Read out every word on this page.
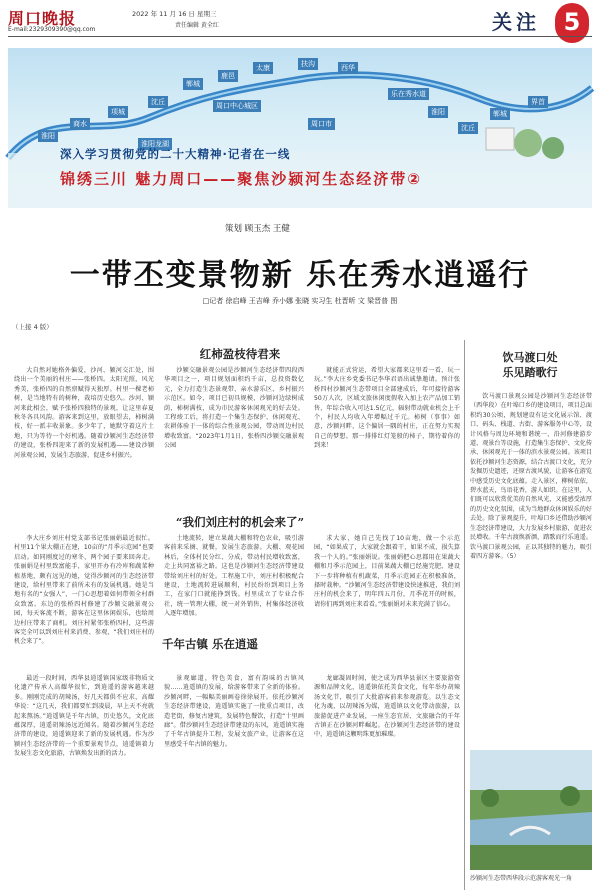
周口晚报
E-mail:2329309390@qq.com
2022 年 11 月 16 日 星期三
责任编辑 黄全红	关注 5
淮阳
商水
项城
沈丘
郸城
鹿邑
太康	扶沟	西华
周口中心城区
乐在秀水道
淮阳
沈丘
郸城
界首
淮阳龙湖
周口市
深入学习贯彻党的二十大精神·记者在一线
锦绣三川 魅力周口——聚焦沙颍河生态经济带②
策划 顾玉杰 王健
一带丕变景物新 乐在秀水逍遥行
□记者 徐启峰 王吉峰 乔小娜 张晓 实习生 杜晋昕 文 梁晋普 图
（上接 4 版）
红柿盈枝待君来

大自然对她格外偏爱，沙河、颍河交汇处，围绕出一个美丽的村庄——张桥四。太阳光照，风光秀美，张桥四的自然禀赋得天独厚。村里一棵老柿树，是当地特有的树种，栽培历史悠久。沙河、颍河来此相会，赋予张桥四独特的景观，让这里春夏秋冬各具风韵。游客来到这里，放眼望去，柿树满枝，好一派丰收景象。多少年了，她默守着这片土地，只为等待一个好机遇。随着沙颍河生态经济带的建设，张桥四迎来了新的发展机遇——建设沙颍河景观公园，发展生态旅游，促进乡村振兴。

沙颍交融景观公园是沙颍河生态经济带四段西华项目之一，项目规划面积约千亩，总投资数亿元，全力打造生态景观带、亲水游乐区、乡村振兴示范区。如今，项目已初具规模，沙颍河边绿树成荫，柿树满枝，成为市民游客休闲观光的好去处。工程竣工后，将打造一个集生态保护、休闲观光、农耕体验于一体的综合性景观公园，带动周边村民增收致富。“2023年1月1日，张桥四沙颍交融景观公园

就能正式营运，希望大家都来这里看一看、玩一玩。”李大庄乡党委书记李华君语出诚挚邀请。预计张桥四村沙颍河生态带项目全部建成后，年可接待游客50万人次，区域文旅休闲度假收入加上农产品加工销售，年综合收入可达1.5亿元，辐射带动就业机会上千个，村民人均收入年增幅过千元。柿树（事事）如意，沙颍河畔，这个偏居一隅的村庄，正在努力实现自己的梦想。那一排排红灯笼般的柿子，期待着你的到来！

“我们刘庄村的机会来了”

李大庄乡刘庄村党支部书记张丽娟最近很忙。村里11个果大棚正在建，10亩的“月季示范园”也要启动。如同刚度过的寒冬，两个园子要来回奔走。张丽娟是村里致富能手，家里开办有冷库和蔬菜种植基地，颇有远见的她，觉得沙颍河的生态经济带建设，给村里带来了前所未有的发展机遇。她是当地有名的“女强人”，一门心思想着如何带领全村群众致富。东边的张桥四村修建了沙颍交融景观公园，每天客流不断，游客在这里休闲娱乐，也给周边村庄带来了商机。刘庄村紧邻张桥四村，这些游客完全可以到刘庄村来消费、参观，“我们刘庄村的机会来了”。

土地流转，建立果蔬大棚和特色农业，吸引游客前来采摘、就餐，发展生态旅游。大棚、观花园林后，全体村民分红、分成，带动村民增收致富，走上共同富裕之路。这也是沙颍河生态经济带建设带给刘庄村的好处。工程施工中，刘庄村积极配合建设，土地流转进展顺利，村民纷纷到项目上务工，在家门口就能挣到钱。村里成立了专业合作社，统一管理大棚，统一对外销售，村集体经济收入逐年增加。

求大家，她自己先找了10亩地，做一个示范园，“如果成了，大家就会跟着干，如果不成，损失算我一个人的。”张丽娟说。张丽娟把心思都用在果蔬大棚和月季示范园上，目前果蔬大棚已经施完肥、建设下一步将种植有机蔬菜，月季示范园正在积极准备，择时栽种。“沙颍河生态经济带建设快速推进，我们刘庄村的机会来了，明年四五月份，月季花开的时候，请你们再到刘庄来看看。”张丽娟对未来充满了信心。

千年古镇 乐在逍遥

最近一段时间，西华县逍遥镇国家级非物质文化遗产传承人高耀华很忙，到逍遥的游客越来越多。刚刚完成的胡辣汤，好几天都供不应求，高耀华说：“这几天，我们都要忙到凌晨，早上天不亮就起来熬汤。”逍遥镇是千年古镇，历史悠久，文化底蕴深厚，逍遥胡辣汤远近闻名。随着沙颍河生态经济带的建设，逍遥镇迎来了新的发展机遇。作为沙颍河生态经济带的一个重要景观节点，逍遥镇着力发展生态文化旅游，古镇焕发出新的活力。

景观廊道，特色美食，富有韵味的古镇风貌……逍遥镇的发展，给游客带来了全新的体验。沙颍河畔，一幅幅美丽画卷徐徐展开。依托沙颍河生态经济带建设，逍遥镇实施了一批重点项目，改造老街，修复古建筑，发展特色餐饮，打造“十里画廊”。借沙颍河生态经济带建设的东风，逍遥镇实施了千年古镇提升工程，发展文旅产业，让游客在这里感受千年古镇的魅力。

龙廊凝固时间，使之成为西华县景区主要旅游资源和品牌文化，逍遥镇依托美食文化，每年举办胡辣汤文化节，吸引了大批游客前来参观游览。以生态文化为魂，以胡辣汤为媒，逍遥镇以文化带动旅游，以旅游促进产业发展，一座生态宜居、文旅融合的千年古镇正在沙颍河畔崛起。在沙颍河生态经济带的建设中，逍遥镇这颗明珠更加璀璨。

饮马渡口处
乐见踏歌行

饮马渡口景观公园是沙颍河生态经济带（西华段）在叶埠口乡的建设项目，项目总面积约30公顷，规划建设有运文化展示馆、渡口、码头、栈道、古街、游客服务中心等，设计风格与周边环境和谐统一，沿河修建游步道、观景台等设施，打造集生态保护、文化传承、休闲观光于一体的滨水景观公园。该项目依托沙颍河生态资源，结合古渡口文化，充分发掘历史遗迹，还原古渡风貌，让游客在游览中感受历史文化底蕴。走入景区，柳树依依，碧水蓝天，鸟语花香，游人如织。在这里，人们既可以欣赏优美的自然风光，又能感受浓厚的历史文化氛围，成为当地群众休闲娱乐的好去处。除了景观提升，叶埠口乡还借助沙颍河生态经济带建设，大力发展乡村旅游，促进农民增收。千年古渡焕新颜，踏歌而行乐逍遥。饮马渡口景观公园，正以其独特的魅力，吸引着四方游客。（5）

沙颍河生态带西华段示范游客观光一角
